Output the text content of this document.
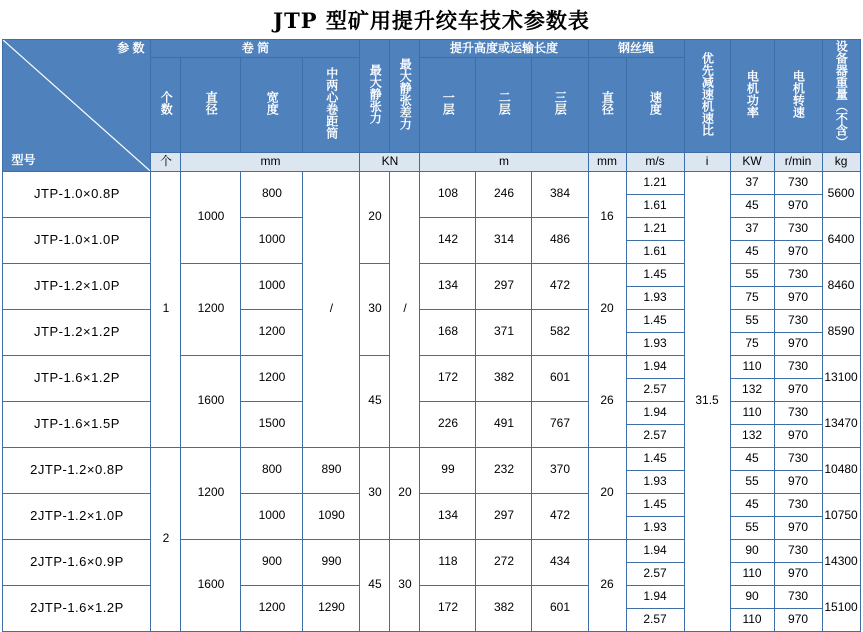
JTP 型矿用提升绞车技术参数表
参 数
型号	卷 筒				最大静张力	最大静张差力	提升高度或运输长度			钢丝绳		优先减速机速比	电机功率	电机转速	设备器重量（不含）
	个数	直径	宽度	中两心卷距筒			一层	二层	三层	直径	速度				
	个	mm			KN		m			mm	m/s	i	KW	r/min	kg
JTP-1.0×0.8P	1	1000	800	/	20	/	108	246	384	16	1.21	31.5	37	730	5600
											1.61		45	970	
JTP-1.0×1.0P			1000				142	314	486		1.21		37	730	6400
											1.61		45	970	
JTP-1.2×1.0P		1200	1000		30		134	297	472	20	1.45		55	730	8460
											1.93		75	970	
JTP-1.2×1.2P			1200				168	371	582		1.45		55	730	8590
											1.93		75	970	
JTP-1.6×1.2P		1600	1200		45		172	382	601	26	1.94		110	730	13100
											2.57		132	970	
JTP-1.6×1.5P			1500				226	491	767		1.94		110	730	13470
											2.57		132	970	
2JTP-1.2×0.8P	2	1200	800	890	30	20	99	232	370	20	1.45		45	730	10480
											1.93		55	970	
2JTP-1.2×1.0P			1000	1090			134	297	472		1.45		45	730	10750
											1.93		55	970	
2JTP-1.6×0.9P		1600	900	990	45	30	118	272	434	26	1.94		90	730	14300
											2.57		110	970	
2JTP-1.6×1.2P			1200	1290			172	382	601		1.94		90	730	15100
											2.57		110	970	
